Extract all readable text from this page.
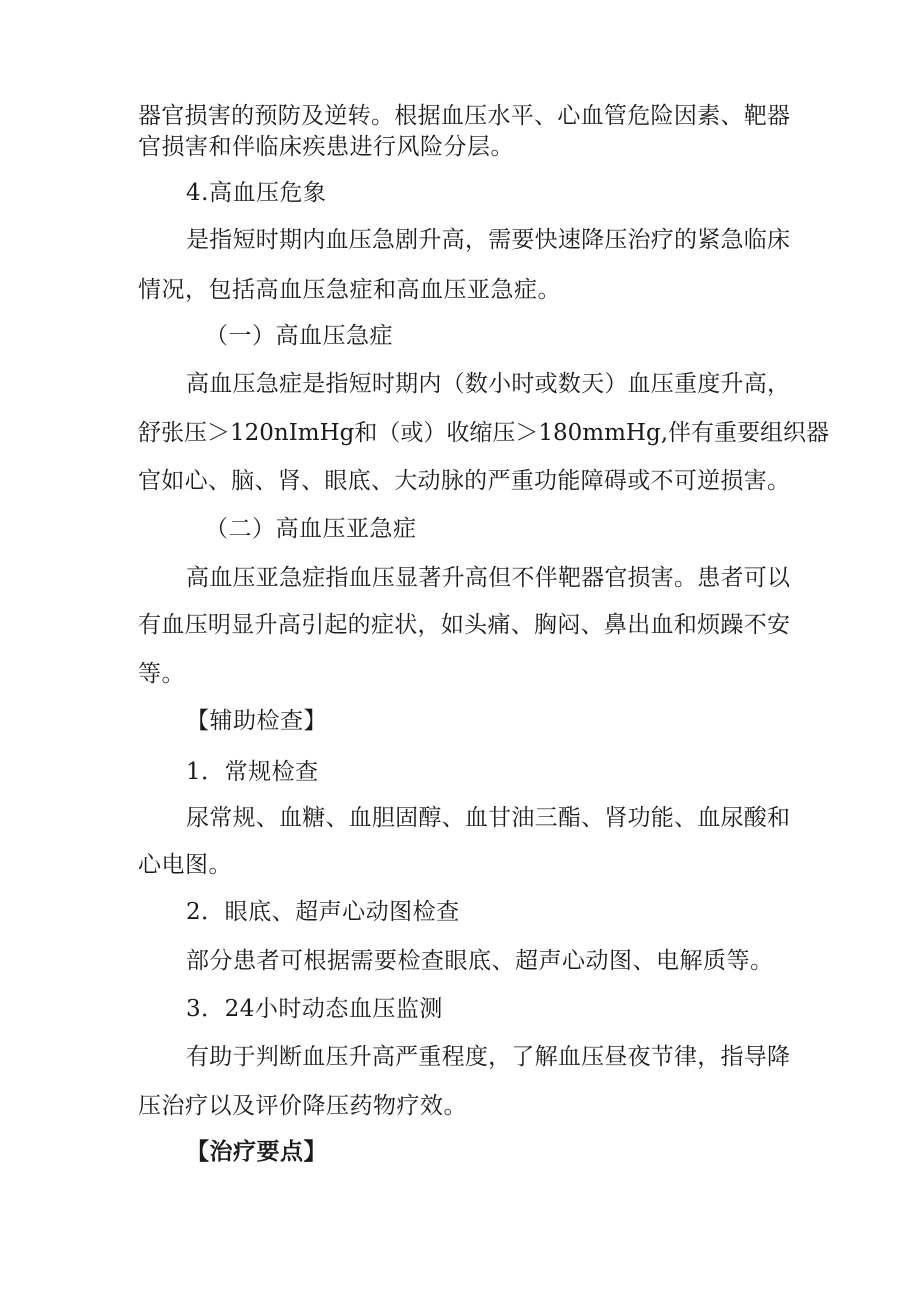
器官损害的预防及逆转。根据血压水平、心血管危险因素、靶器
官损害和伴临床疾患进行风险分层。
4.高血压危象
是指短时期内血压急剧升高，需要快速降压治疗的紧急临床
情况，包括高血压急症和高血压亚急症。
（一）高血压急症
高血压急症是指短时期内（数小时或数天）血压重度升高，
舒张压＞120nImHg和（或）收缩压＞180mmHg,伴有重要组织器
官如心、脑、肾、眼底、大动脉的严重功能障碍或不可逆损害。
（二）高血压亚急症
高血压亚急症指血压显著升高但不伴靶器官损害。患者可以
有血压明显升高引起的症状，如头痛、胸闷、鼻出血和烦躁不安
等。
【辅助检查】
1．常规检查
尿常规、血糖、血胆固醇、血甘油三酯、肾功能、血尿酸和
心电图。
2．眼底、超声心动图检查
部分患者可根据需要检查眼底、超声心动图、电解质等。
3．24小时动态血压监测
有助于判断血压升高严重程度，了解血压昼夜节律，指导降
压治疗以及评价降压药物疗效。
【治疗要点】
